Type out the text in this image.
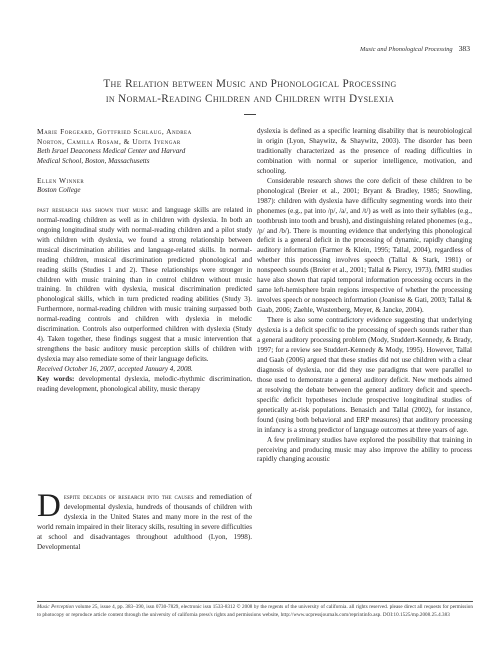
Music and Phonological Processing 383
The Relation between Music and Phonological Processing
in Normal-Reading Children and Children with Dyslexia

Marie Forgeard, Gottfried Schlaug, Andrea

Norton, Camilla Rosam, & Udita Iyengar

Beth Israel Deaconess Medical Center and Harvard

Medical School, Boston, Massachusetts

Ellen Winner

Boston College

past research has shown that music and language skills are related in normal-reading children as well as in children with dyslexia. In both an ongoing longitudinal study with normal-reading children and a pilot study with children with dyslexia, we found a strong relationship between musical discrimination abilities and language-related skills. In normal-reading children, musical discrimination predicted phonological and reading skills (Studies 1 and 2). These relationships were stronger in children with music training than in control children without music training. In children with dyslexia, musical discrimination predicted phonological skills, which in turn predicted reading abilities (Study 3). Furthermore, normal-reading children with music training surpassed both normal-reading controls and children with dyslexia in melodic discrimination. Controls also outperformed children with dyslexia (Study 4). Taken together, these findings suggest that a music intervention that strengthens the basic auditory music perception skills of children with dyslexia may also remediate some of their language deficits.

Received October 16, 2007, accepted January 4, 2008.

Key words: developmental dyslexia, melodic-rhythmic discrimination, reading development, phonological ability, music therapy

Despite decades of research into the causes and remediation of developmental dyslexia, hundreds of thousands of children with dyslexia in the United States and many more in the rest of the world remain impaired in their literacy skills, resulting in severe difficulties at school and disadvantages throughout adulthood (Lyon, 1998). Developmental

dyslexia is defined as a specific learning disability that is neurobiological in origin (Lyon, Shaywitz, & Shaywitz, 2003). The disorder has been traditionally characterized as the presence of reading difficulties in combination with normal or superior intelligence, motivation, and schooling.

Considerable research shows the core deficit of these children to be phonological (Breier et al., 2001; Bryant & Bradley, 1985; Snowling, 1987): children with dyslexia have difficulty segmenting words into their phonemes (e.g., pat into /p/, /a/, and /t/) as well as into their syllables (e.g., toothbrush into tooth and brush), and distinguishing related phonemes (e.g., /p/ and /b/). There is mounting evidence that underlying this phonological deficit is a general deficit in the processing of dynamic, rapidly changing auditory information (Farmer & Klein, 1995; Tallal, 2004), regardless of whether this processing involves speech (Tallal & Stark, 1981) or nonspeech sounds (Breier et al., 2001; Tallal & Piercy, 1973). fMRI studies have also shown that rapid temporal information processing occurs in the same left-hemisphere brain regions irrespective of whether the processing involves speech or nonspeech information (Joanisse & Gati, 2003; Tallal & Gaab, 2006; Zaehle, Wustenberg, Meyer, & Jancke, 2004).

There is also some contradictory evidence suggesting that underlying dyslexia is a deficit specific to the processing of speech sounds rather than a general auditory processing problem (Mody, Studdert-Kennedy, & Brady, 1997; for a review see Studdert-Kennedy & Mody, 1995). However, Tallal and Gaab (2006) argued that these studies did not use children with a clear diagnosis of dyslexia, nor did they use paradigms that were parallel to those used to demonstrate a general auditory deficit. New methods aimed at resolving the debate between the general auditory deficit and speech-specific deficit hypotheses include prospective longitudinal studies of genetically at-risk populations. Benasich and Tallal (2002), for instance, found (using both behavioral and ERP measures) that auditory processing in infancy is a strong predictor of language outcomes at three years of age.

A few preliminary studies have explored the possibility that training in perceiving and producing music may also improve the ability to process rapidly changing acoustic

Music Perception volume 25, issue 4, pp. 383–390, issn 0730-7829, electronic issn 1533-8312 © 2008 by the regents of the university of california. all rights reserved. please direct all requests for permission to photocopy or reproduce article content through the university of california press's rights and permissions website, http://www.ucpressjournals.com/reprintinfo.asp. DOI:10.1525/mp.2008.25.4.383
